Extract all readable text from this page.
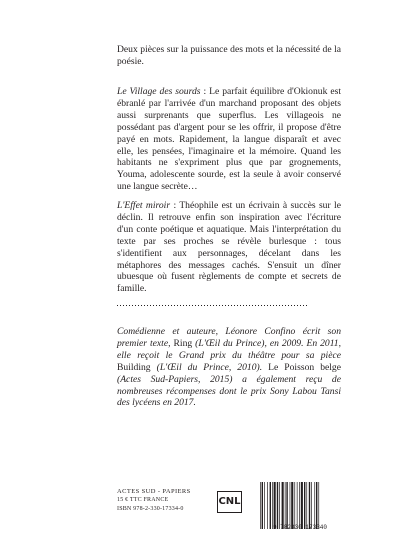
Deux pièces sur la puissance des mots et la nécessité de la poésie.
Le Village des sourds : Le parfait équilibre d'Okionuk est ébranlé par l'arrivée d'un marchand proposant des objets aussi surprenants que superflus. Les villageois ne possédant pas d'argent pour se les offrir, il propose d'être payé en mots. Rapidement, la langue disparaît et avec elle, les pensées, l'imaginaire et la mémoire. Quand les habitants ne s'expriment plus que par grognements, Youma, adolescente sourde, est la seule à avoir conservé une langue secrète…
L'Effet miroir : Théophile est un écrivain à succès sur le déclin. Il retrouve enfin son inspiration avec l'écriture d'un conte poétique et aquatique. Mais l'interprétation du texte par ses proches se révèle burlesque : tous s'identifient aux personnages, décelant dans les métaphores des messages cachés. S'ensuit un dîner ubuesque où fusent règlements de compte et secrets de famille.
Comédienne et auteure, Léonore Confino écrit son premier texte, Ring (L'Œil du Prince), en 2009. En 2011, elle reçoit le Grand prix du théâtre pour sa pièce Building (L'Œil du Prince, 2010). Le Poisson belge (Actes Sud-Papiers, 2015) a également reçu de nombreuses récompenses dont le prix Sony Labou Tansi des lycéens en 2017.
ACTES SUD - PAPIERS
15 € TTC FRANCE
ISBN 978-2-330-17334-0
CNL
9 782330 173340
